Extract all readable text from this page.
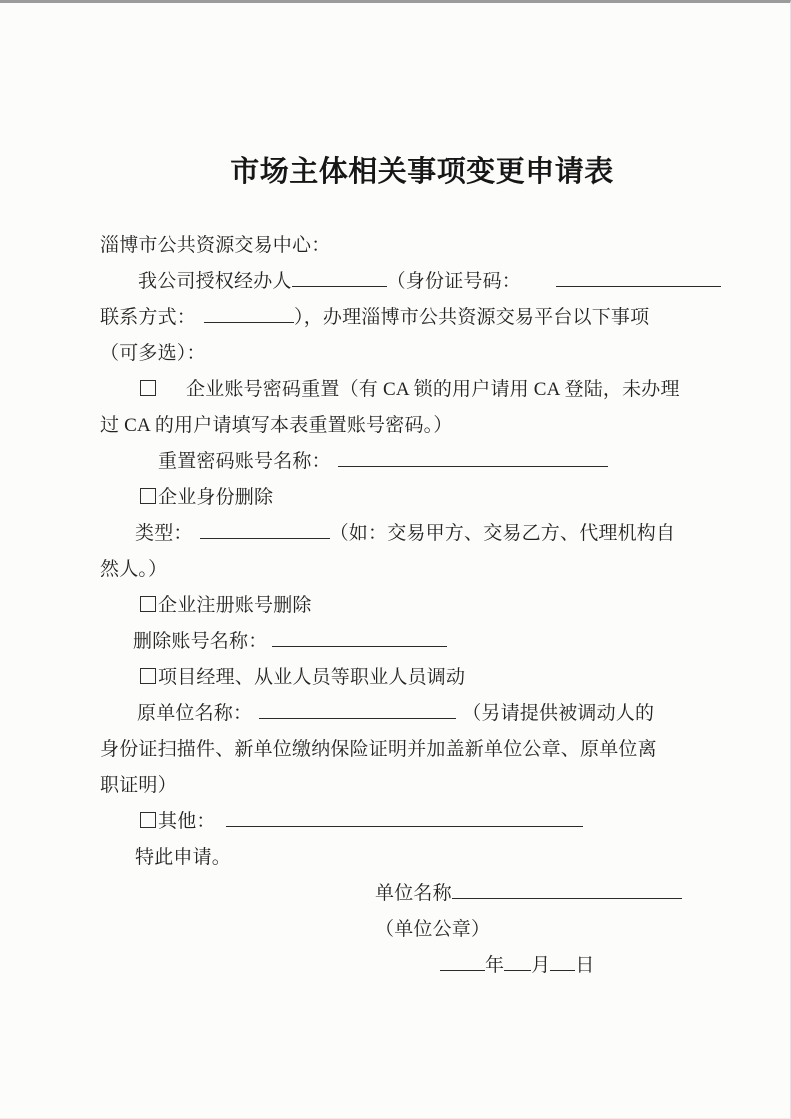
市场主体相关事项变更申请表
淄博市公共资源交易中心：
我公司授权经办人	（身份证号码：
联系方式：	），办理淄博市公共资源交易平台以下事项
（可多选）：
企业账号密码重置（有 CA 锁的用户请用 CA 登陆，未办理
过 CA 的用户请填写本表重置账号密码。）
重置密码账号名称：
企业身份删除
类型：	（如：交易甲方、交易乙方、代理机构自
然人。）
企业注册账号删除
删除账号名称：
项目经理、从业人员等职业人员调动
原单位名称：	（另请提供被调动人的
身份证扫描件、新单位缴纳保险证明并加盖新单位公章、原单位离
职证明）
其他：
特此申请。
单位名称
（单位公章）
年 月 日
